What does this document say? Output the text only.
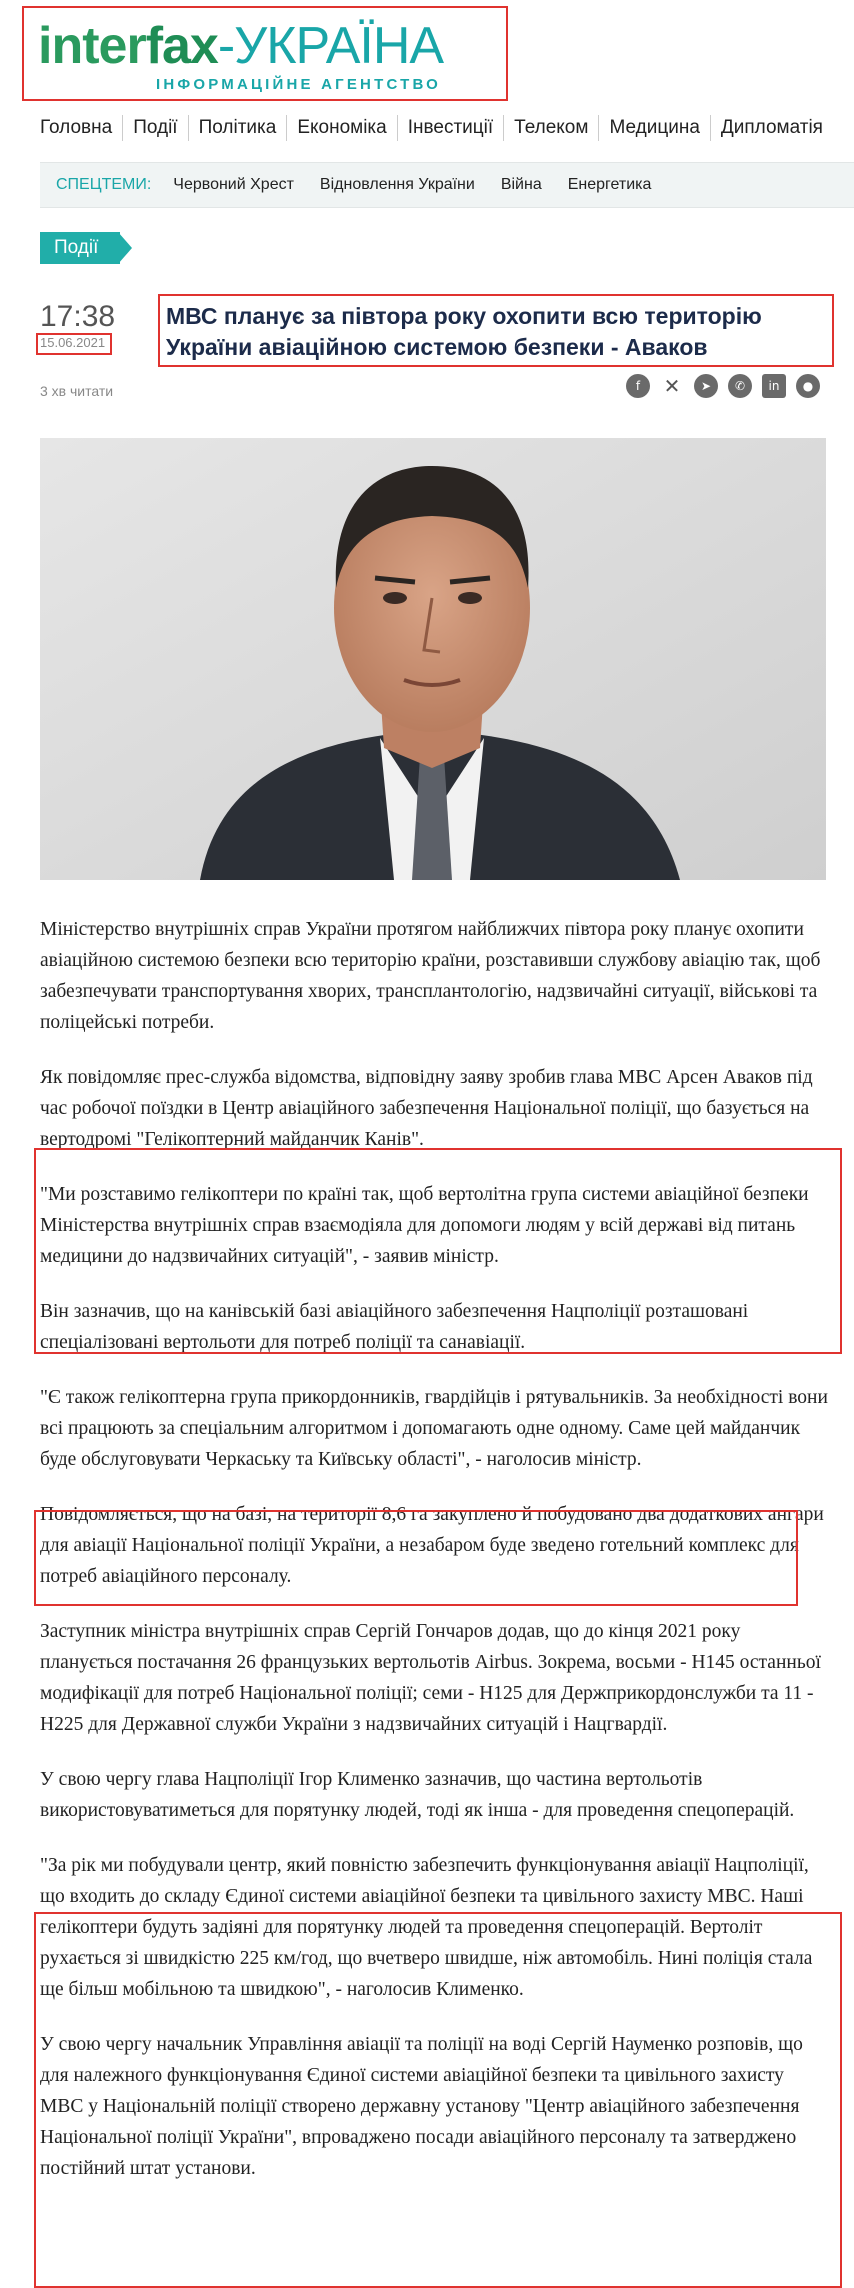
interfax-УКРАЇНА
ІНФОРМАЦІЙНЕ АГЕНТСТВО
Головна	Події	Політика	Економіка	Інвестиції	Телеком	Медицина	Дипломатія
СПЕЦТЕМИ: Червоний Хрест Відновлення України Війна Енергетика
Події
17:38
15.06.2021
МВС планує за півтора року охопити всю територію України авіаційною системою безпеки - Аваков
3 хв читати	f	✕	➤	✆	in	●

Міністерство внутрішніх справ України протягом найближчих півтора року планує охопити авіаційною системою безпеки всю територію країни, розставивши службову авіацію так, щоб забезпечувати транспортування хворих, трансплантологію, надзвичайні ситуації, військові та поліцейські потреби.

Як повідомляє прес-служба відомства, відповідну заяву зробив глава МВС Арсен Аваков під час робочої поїздки в Центр авіаційного забезпечення Національної поліції, що базується на вертодромі "Гелікоптерний майданчик Канів".

"Ми розставимо гелікоптери по країні так, щоб вертолітна група системи авіаційної безпеки Міністерства внутрішніх справ взаємодіяла для допомоги людям у всій державі від питань медицини до надзвичайних ситуацій", - заявив міністр.

Він зазначив, що на канівській базі авіаційного забезпечення Нацполіції розташовані спеціалізовані вертольоти для потреб поліції та санавіації.

"Є також гелікоптерна група прикордонників, гвардійців і рятувальників. За необхідності вони всі працюють за спеціальним алгоритмом і допомагають одне одному. Саме цей майданчик буде обслуговувати Черкаську та Київську області", - наголосив міністр.

Повідомляється, що на базі, на території 8,6 га закуплено й побудовано два додаткових ангари для авіації Національної поліції України, а незабаром буде зведено готельний комплекс для потреб авіаційного персоналу.

Заступник міністра внутрішніх справ Сергій Гончаров додав, що до кінця 2021 року планується постачання 26 французьких вертольотів Airbus. Зокрема, восьми - Н145 останньої модифікації для потреб Національної поліції; семи - Н125 для Держприкордонслужби та 11 - Н225 для Державної служби України з надзвичайних ситуацій і Нацгвардії.

У свою чергу глава Нацполіції Ігор Клименко зазначив, що частина вертольотів використовуватиметься для порятунку людей, тоді як інша - для проведення спецоперацій.

"За рік ми побудували центр, який повністю забезпечить функціонування авіації Нацполіції, що входить до складу Єдиної системи авіаційної безпеки та цивільного захисту МВС. Наші гелікоптери будуть задіяні для порятунку людей та проведення спецоперацій. Вертоліт рухається зі швидкістю 225 км/год, що вчетверо швидше, ніж автомобіль. Нині поліція стала ще більш мобільною та швидкою", - наголосив Клименко.

У свою чергу начальник Управління авіації та поліції на воді Сергій Науменко розповів, що для належного функціонування Єдиної системи авіаційної безпеки та цивільного захисту МВС у Національній поліції створено державну установу "Центр авіаційного забезпечення Національної поліції України", впроваджено посади авіаційного персоналу та затверджено постійний штат установи.
